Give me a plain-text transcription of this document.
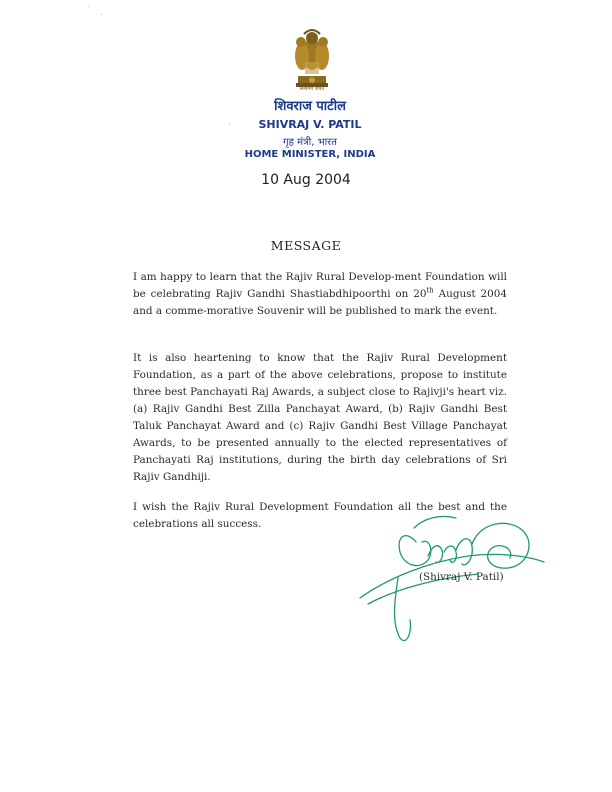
सत्यमेव जयते
शिवराज पाटील
SHIVRAJ V. PATIL
गृह मंत्री, भारत
HOME MINISTER, INDIA
10 Aug 2004
MESSAGE

I am happy to learn that the Rajiv Rural Develop-ment Foundation will be celebrating Rajiv Gandhi Shastiabdhipoorthi on 20th August 2004 and a comme-morative Souvenir will be published to mark the event.

It is also heartening to know that the Rajiv Rural Development Foundation, as a part of the above celebrations, propose to institute three best Panchayati Raj Awards, a subject close to Rajivji's heart viz. (a) Rajiv Gandhi Best Zilla Panchayat Award, (b) Rajiv Gandhi Best Taluk Panchayat Award and (c) Rajiv Gandhi Best Village Panchayat Awards, to be presented annually to the elected representatives of Panchayati Raj institutions, during the birth day celebrations of Sri Rajiv Gandhiji.

I wish the Rajiv Rural Development Foundation all the best and the celebrations all success.

(Shivraj V. Patil)
